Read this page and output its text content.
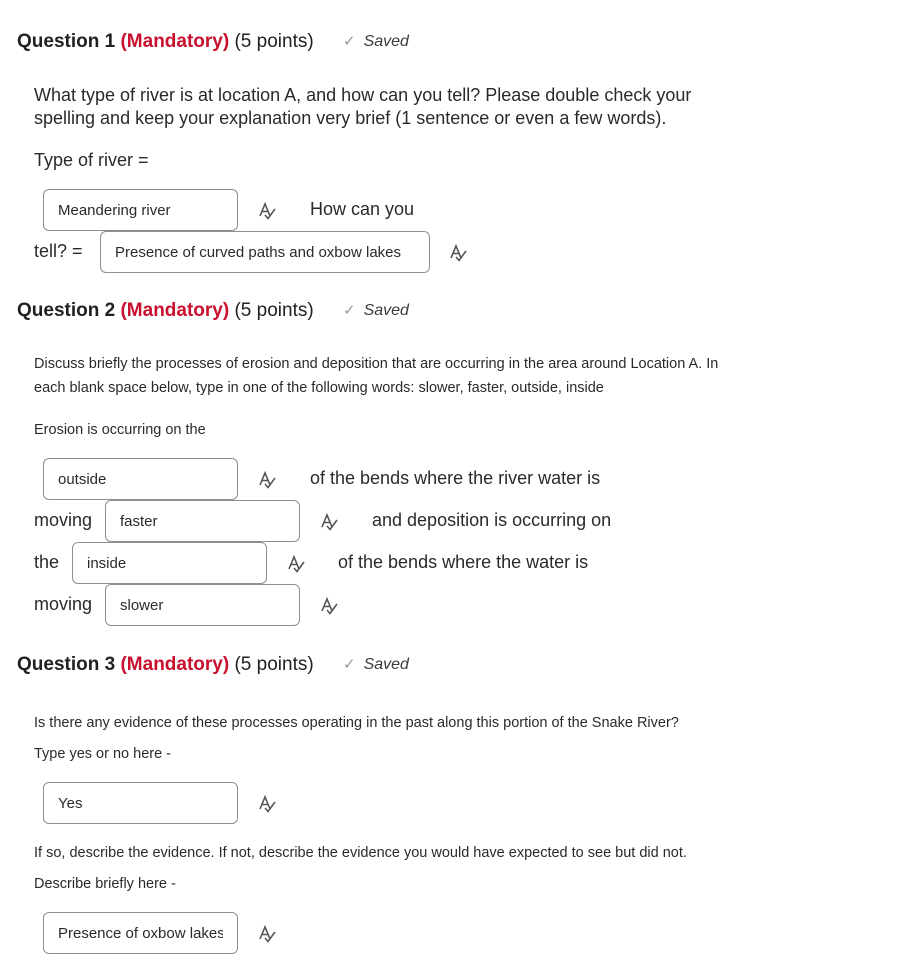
Question 1 (Mandatory) (5 points) ✓ Saved
What type of river is at location A, and how can you tell? Please double check your
spelling and keep your explanation very brief (1 sentence or even a few words).
Type of river =
Meandering river
How can you
tell? =
Presence of curved paths and oxbow lakes
Question 2 (Mandatory) (5 points) ✓ Saved
Discuss briefly the processes of erosion and deposition that are occurring in the area around Location A. In
each blank space below, type in one of the following words: slower, faster, outside, inside
Erosion is occurring on the
outside
of the bends where the river water is
moving
faster	and deposition is occurring on
the
inside	of the bends where the water is
moving
slower
Question 3 (Mandatory) (5 points) ✓ Saved
Is there any evidence of these processes operating in the past along this portion of the Snake River?
Type yes or no here -
Yes
If so, describe the evidence. If not, describe the evidence you would have expected to see but did not.
Describe briefly here -
Presence of oxbow lakes
